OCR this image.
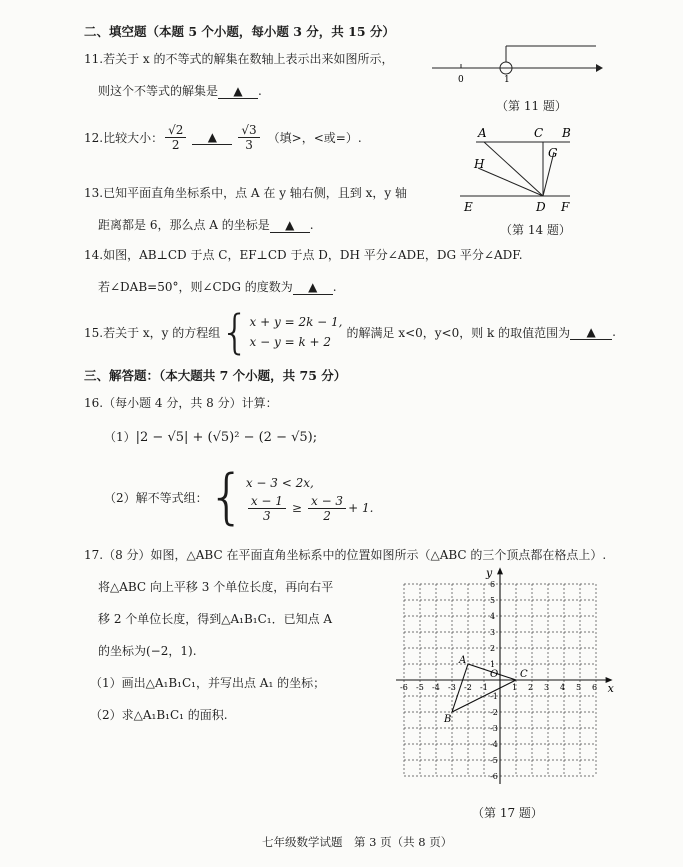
二、填空题（本题 5 个小题，每小题 3 分，共 15 分）
11.若关于 x 的不等式的解集在数轴上表示出来如图所示，
则这个不等式的解集是 ▲ .
0	1
（第 11 题）
12.比较大小： $\frac{√2}{2}$	▲	$\frac{√3}{3}$ （填>，<或=）.
13.已知平面直角坐标系中，点 A 在 y 轴右侧，且到 x，y 轴
距离都是 6，那么点 A 的坐标是 ▲ .
A	C B
H
G
E	D F
（第 14 题）
14.如图，AB⊥CD 于点 C，EF⊥CD 于点 D，DH 平分∠ADE，DG 平分∠ADF.
若∠DAB=50°，则∠CDG 的度数为 ▲ .
15.若关于 x，y 的方程组 { x + y = 2k − 1,
x − y = k + 2
的解满足 x<0，y<0，则 k 的取值范围为	▲	.
三、解答题：（本大题共 7 个小题，共 75 分）
16.（每小题 4 分，共 8 分）计算：
（1）|2 − √5| + (√5)² − (2 − √5);
（2）解不等式组： { x − 3 < 2x,
$\frac{x - 1}{3} \ge \frac{x - 3}{2} + 1$.
17.（8 分）如图，△ABC 在平面直角坐标系中的位置如图所示（△ABC 的三个顶点都在格点上）.
将△ABC 向上平移 3 个单位长度，再向右平
移 2 个单位长度，得到△A₁B₁C₁．已知点 A
的坐标为(−2，1).
（1）画出△A₁B₁C₁，并写出点 A₁ 的坐标；
（2）求△A₁B₁C₁ 的面积.
-6 -5 -4 -3 -2 -1	1 2 3 4 5 6
6
5
4
3
2
1
-1
-2
-3
-4
-5
-6
x
y
O
A
B
C
（第 17 题）
七年级数学试题　第 3 页（共 8 页）
